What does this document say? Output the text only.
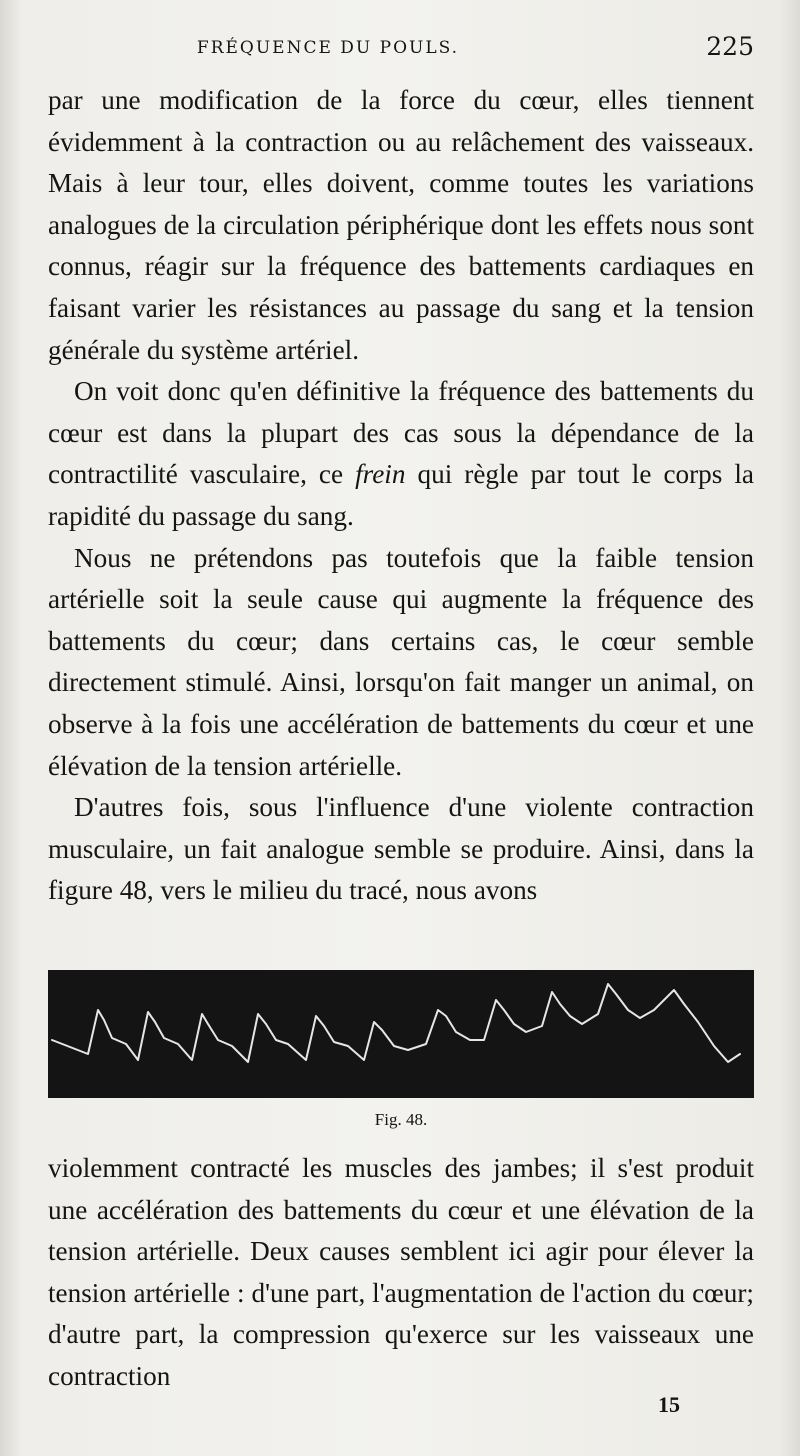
FRÉQUENCE DU POULS.	225

par une modification de la force du cœur, elles tiennent évidemment à la contraction ou au relâchement des vaisseaux. Mais à leur tour, elles doivent, comme toutes les variations analogues de la circulation périphérique dont les effets nous sont connus, réagir sur la fréquence des battements cardiaques en faisant varier les résistances au passage du sang et la tension générale du système artériel.

On voit donc qu'en définitive la fréquence des battements du cœur est dans la plupart des cas sous la dépendance de la contractilité vasculaire, ce frein qui règle par tout le corps la rapidité du passage du sang.

Nous ne prétendons pas toutefois que la faible tension artérielle soit la seule cause qui augmente la fréquence des battements du cœur; dans certains cas, le cœur semble directement stimulé. Ainsi, lorsqu'on fait manger un animal, on observe à la fois une accélération de battements du cœur et une élévation de la tension artérielle.

D'autres fois, sous l'influence d'une violente contraction musculaire, un fait analogue semble se produire. Ainsi, dans la figure 48, vers le milieu du tracé, nous avons

Fig. 48.

violemment contracté les muscles des jambes; il s'est produit une accélération des battements du cœur et une élévation de la tension artérielle. Deux causes semblent ici agir pour élever la tension artérielle : d'une part, l'augmentation de l'action du cœur; d'autre part, la compression qu'exerce sur les vaisseaux une contraction

15
